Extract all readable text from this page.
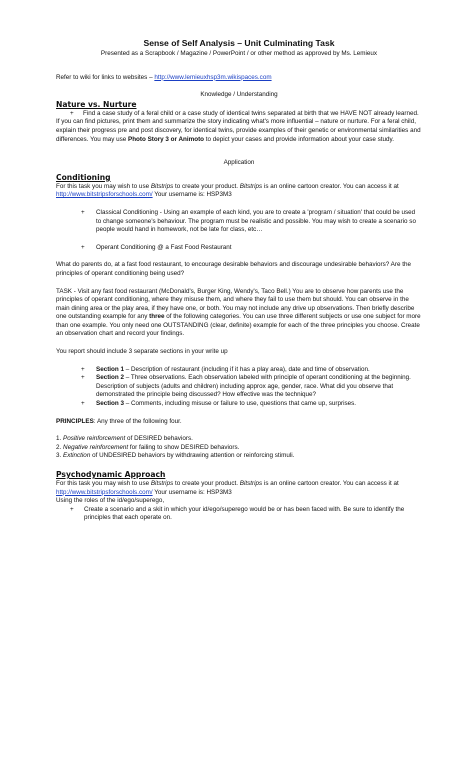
Sense of Self Analysis – Unit Culminating Task

Presented as a Scrapbook / Magazine / PowerPoint / or other method as approved by Ms. Lemieux

Refer to wiki for links to websites – http://www.lemieuxhsp3m.wikispaces.com

Knowledge / Understanding

Nature vs. Nurture

+ Find a case study of a feral child or a case study of identical twins separated at birth that we HAVE NOT already learned.

If you can find pictures, print them and summarize the story indicating what's more influential – nature or nurture. For a feral child, explain their progress pre and post discovery, for identical twins, provide examples of their genetic or environmental similarities and differences. You may use Photo Story 3 or Animoto to depict your cases and provide information about your case study.

Application

Conditioning

For this task you may wish to use Bitstrips to create your product. Bitstrips is an online cartoon creator. You can access it at http://www.bitstripsforschools.com/ Your username is: HSP3M3

+ Classical Conditioning - Using an example of each kind, you are to create a 'program / situation' that could be used to change someone's behaviour. The program must be realistic and possible. You may wish to create a scenario so people would hand in homework, not be late for class, etc…
+ Operant Conditioning @ a Fast Food Restaurant

What do parents do, at a fast food restaurant, to encourage desirable behaviors and discourage undesirable behaviors? Are the principles of operant conditioning being used?

TASK - Visit any fast food restaurant (McDonald's, Burger King, Wendy's, Taco Bell.) You are to observe how parents use the principles of operant conditioning, where they misuse them, and where they fail to use them but should. You can observe in the main dining area or the play area, if they have one, or both. You may not include any drive up observations. Then briefly describe one outstanding example for any three of the following categories. You can use three different subjects or use one subject for more than one example. You only need one OUTSTANDING (clear, definite) example for each of the three principles you choose. Create an observation chart and record your findings.

You report should include 3 separate sections in your write up

+ Section 1 – Description of restaurant (including if it has a play area), date and time of observation.
+ Section 2 – Three observations. Each observation labeled with principle of operant conditioning at the beginning. Description of subjects (adults and children) including approx age, gender, race. What did you observe that demonstrated the principle being discussed? How effective was the technique?
+ Section 3 – Comments, including misuse or failure to use, questions that came up, surprises.

PRINCIPLES: Any three of the following four.

1. Positive reinforcement of DESIRED behaviors.

2. Negative reinforcement for failing to show DESIRED behaviors.

3. Extinction of UNDESIRED behaviors by withdrawing attention or reinforcing stimuli.

Psychodynamic Approach

For this task you may wish to use Bitstrips to create your product. Bitstrips is an online cartoon creator. You can access it at http://www.bitstripsforschools.com/ Your username is: HSP3M3

Using the roles of the id/ego/superego,

+ Create a scenario and a skit in which your id/ego/superego would be or has been faced with. Be sure to identify the principles that each operate on.
